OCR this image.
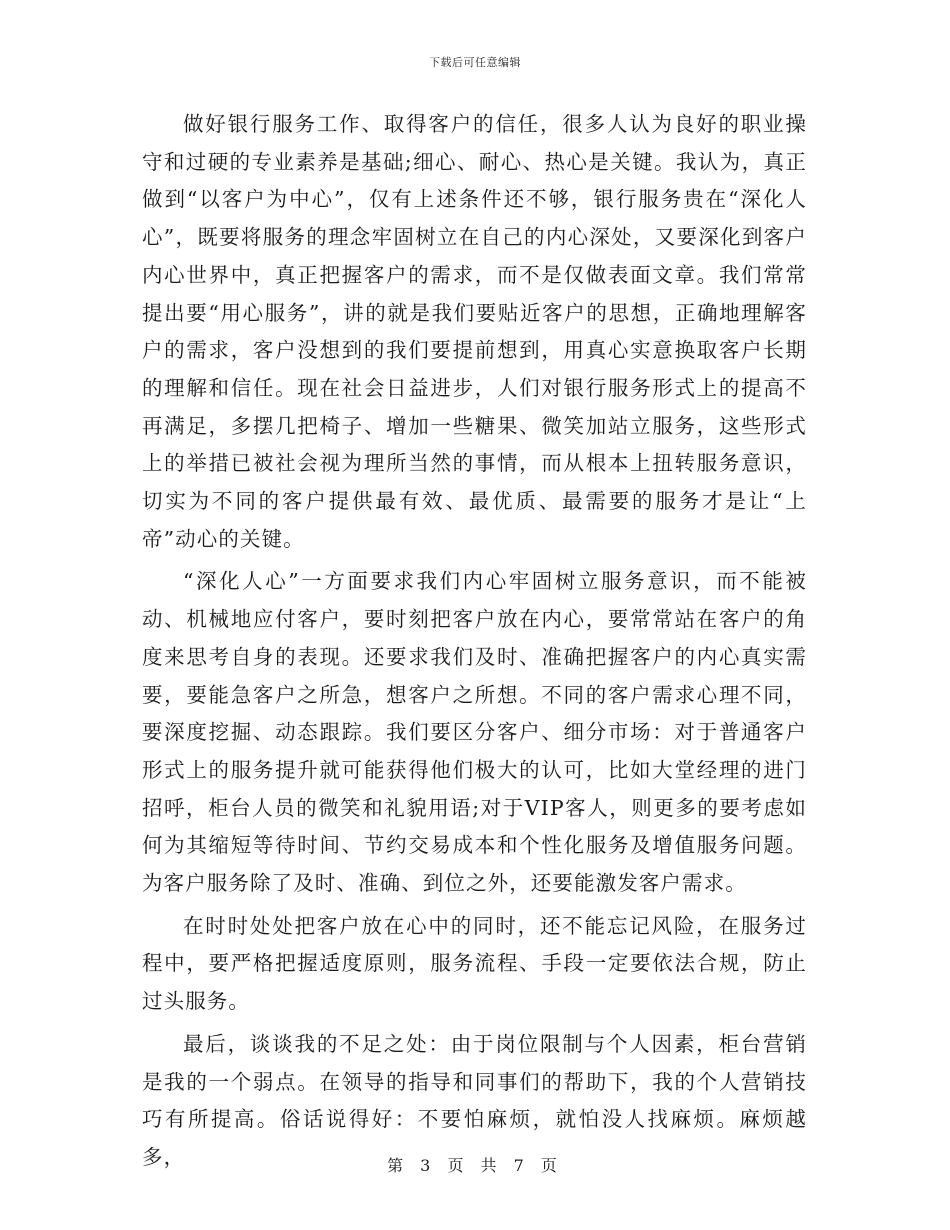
下载后可任意编辑

做好银行服务工作、取得客户的信任，很多人认为良好的职业操守和过硬的专业素养是基础;细心、耐心、热心是关键。我认为，真正做到“以客户为中心”，仅有上述条件还不够，银行服务贵在“深化人心”，既要将服务的理念牢固树立在自己的内心深处，又要深化到客户内心世界中，真正把握客户的需求，而不是仅做表面文章。我们常常提出要“用心服务”，讲的就是我们要贴近客户的思想，正确地理解客户的需求，客户没想到的我们要提前想到，用真心实意换取客户长期的理解和信任。现在社会日益进步，人们对银行服务形式上的提高不再满足，多摆几把椅子、增加一些糖果、微笑加站立服务，这些形式上的举措已被社会视为理所当然的事情，而从根本上扭转服务意识，切实为不同的客户提供最有效、最优质、最需要的服务才是让“上帝”动心的关键。

“深化人心”一方面要求我们内心牢固树立服务意识，而不能被动、机械地应付客户，要时刻把客户放在内心，要常常站在客户的角度来思考自身的表现。还要求我们及时、准确把握客户的内心真实需要，要能急客户之所急，想客户之所想。不同的客户需求心理不同，要深度挖掘、动态跟踪。我们要区分客户、细分市场：对于普通客户形式上的服务提升就可能获得他们极大的认可，比如大堂经理的进门招呼，柜台人员的微笑和礼貌用语;对于VIP客人，则更多的要考虑如何为其缩短等待时间、节约交易成本和个性化服务及增值服务问题。为客户服务除了及时、准确、到位之外，还要能激发客户需求。

在时时处处把客户放在心中的同时，还不能忘记风险，在服务过程中，要严格把握适度原则，服务流程、手段一定要依法合规，防止过头服务。

最后，谈谈我的不足之处：由于岗位限制与个人因素，柜台营销是我的一个弱点。在领导的指导和同事们的帮助下，我的个人营销技巧有所提高。俗话说得好：不要怕麻烦，就怕没人找麻烦。麻烦越多，	第 3 页 共 7 页
